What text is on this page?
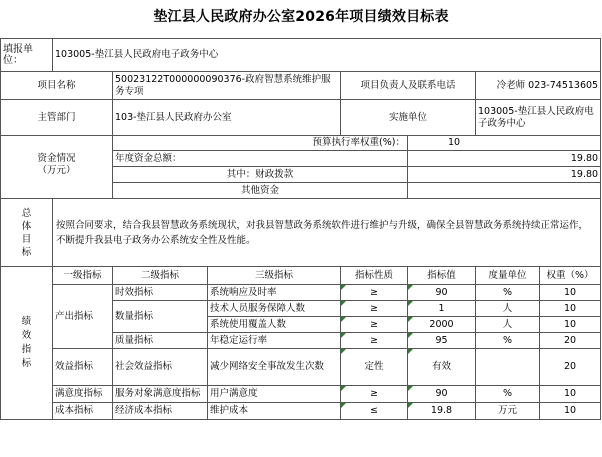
垫江县人民政府办公室2026年项目绩效目标表
填报单位：	103005-垫江县人民政府电子政务中心						
项目名称		50023122T000000090376-政府智慧系统维护服务专项		项目负责人及联系电话		冷老师 023-74513605	
主管部门		103-垫江县人民政府办公室		实施单位		103005-垫江县人民政府电子政务中心	
		预算执行率权重(%)：			10		
资金情况
（万元）		年度资金总额：			19.80		
		其中：财政拨款			19.80		
		其他资金					
总
体
目
标	按照合同要求，结合我县智慧政务系统现状，对我县智慧政务系统软件进行维护与升级，确保全县智慧政务系统持续正常运作，不断提升我县电子政务办公系统安全性及性能。						
绩
效
指
标	一级指标	二级指标	三级指标	指标性质	指标值	度量单位	权重（%）
	产出指标	时效指标	系统响应及时率	≥	90	%	10
		数量指标	技术人员服务保障人数	≥	1	人	10
			系统使用覆盖人数	≥	2000	人	10
		质量指标	年稳定运行率	≥	95	%	20
	效益指标	社会效益指标	减少网络安全事故发生次数	定性	有效		20
	满意度指标	服务对象满意度指标	用户满意度	≥	90	%	10
	成本指标	经济成本指标	维护成本	≤	19.8	万元	10
